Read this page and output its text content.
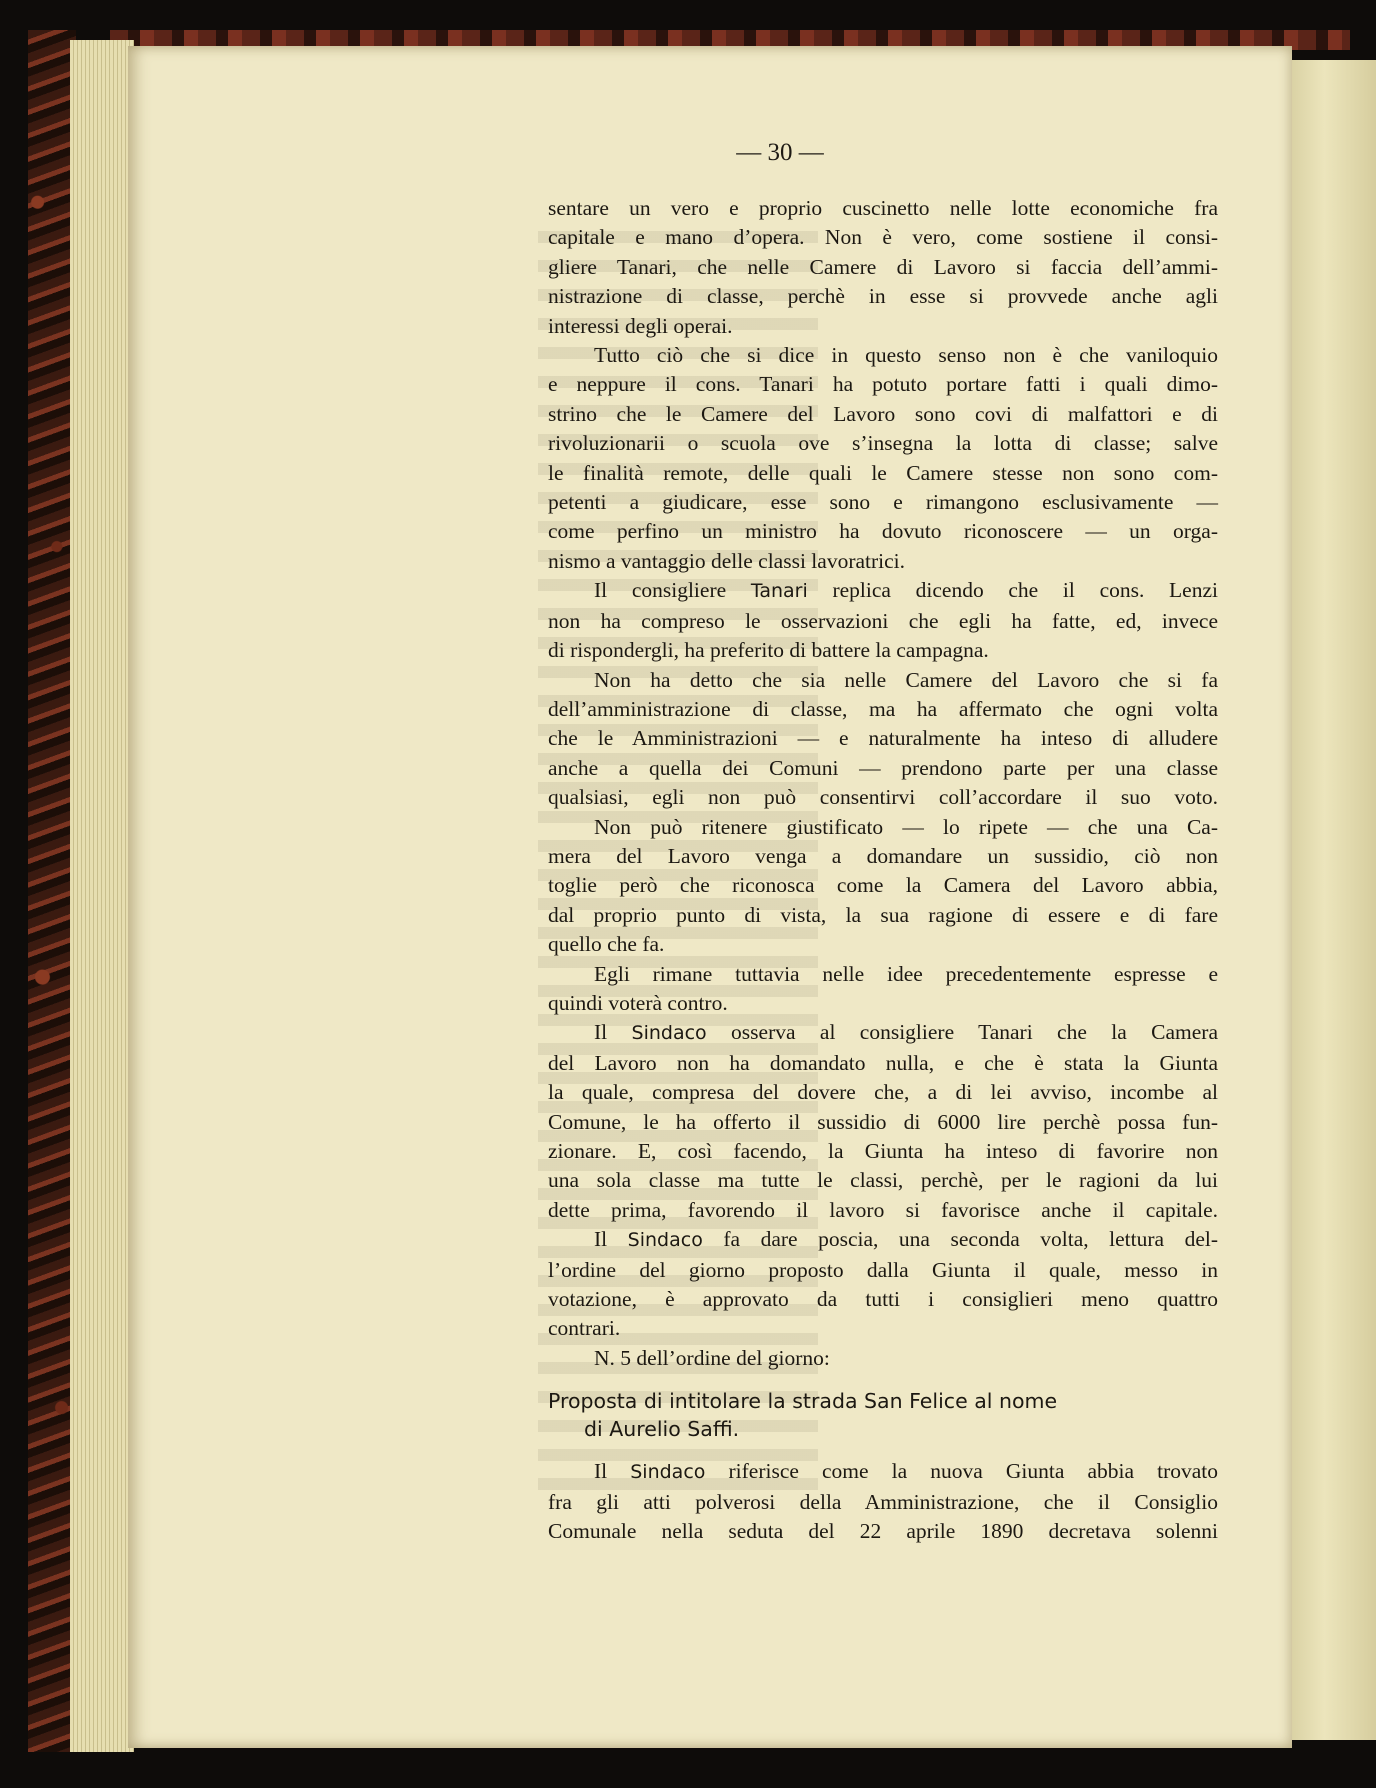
— 30 —

sentare un vero e proprio cuscinetto nelle lotte economiche fra
capitale e mano d’opera. Non è vero, come sostiene il consi-
gliere Tanari, che nelle Camere di Lavoro si faccia dell’ammi-
nistrazione di classe, perchè in esse si provvede anche agli
interessi degli operai.

Tutto ciò che si dice in questo senso non è che vaniloquio
e neppure il cons. Tanari ha potuto portare fatti i quali dimo-
strino che le Camere del Lavoro sono covi di malfattori e di
rivoluzionarii o scuola ove s’insegna la lotta di classe; salve
le finalità remote, delle quali le Camere stesse non sono com-
petenti a giudicare, esse sono e rimangono esclusivamente —
come perfino un ministro ha dovuto riconoscere — un orga-
nismo a vantaggio delle classi lavoratrici.

Il consigliere Tanari replica dicendo che il cons. Lenzi
non ha compreso le osservazioni che egli ha fatte, ed, invece
di rispondergli, ha preferito di battere la campagna.

Non ha detto che sia nelle Camere del Lavoro che si fa
dell’amministrazione di classe, ma ha affermato che ogni volta
che le Amministrazioni — e naturalmente ha inteso di alludere
anche a quella dei Comuni — prendono parte per una classe
qualsiasi, egli non può consentirvi coll’accordare il suo voto.

Non può ritenere giustificato — lo ripete — che una Ca-
mera del Lavoro venga a domandare un sussidio, ciò non
toglie però che riconosca come la Camera del Lavoro abbia,
dal proprio punto di vista, la sua ragione di essere e di fare
quello che fa.

Egli rimane tuttavia nelle idee precedentemente espresse e
quindi voterà contro.

Il Sindaco osserva al consigliere Tanari che la Camera
del Lavoro non ha domandato nulla, e che è stata la Giunta
la quale, compresa del dovere che, a di lei avviso, incombe al
Comune, le ha offerto il sussidio di 6000 lire perchè possa fun-
zionare. E, così facendo, la Giunta ha inteso di favorire non
una sola classe ma tutte le classi, perchè, per le ragioni da lui
dette prima, favorendo il lavoro si favorisce anche il capitale.

Il Sindaco fa dare poscia, una seconda volta, lettura del-
l’ordine del giorno proposto dalla Giunta il quale, messo in
votazione, è approvato da tutti i consiglieri meno quattro
contrari.

N. 5 dell’ordine del giorno:

Proposta di intitolare la strada San Felice al nome
di Aurelio Saffi.

Il Sindaco riferisce come la nuova Giunta abbia trovato
fra gli atti polverosi della Amministrazione, che il Consiglio
Comunale nella seduta del 22 aprile 1890 decretava solenni
